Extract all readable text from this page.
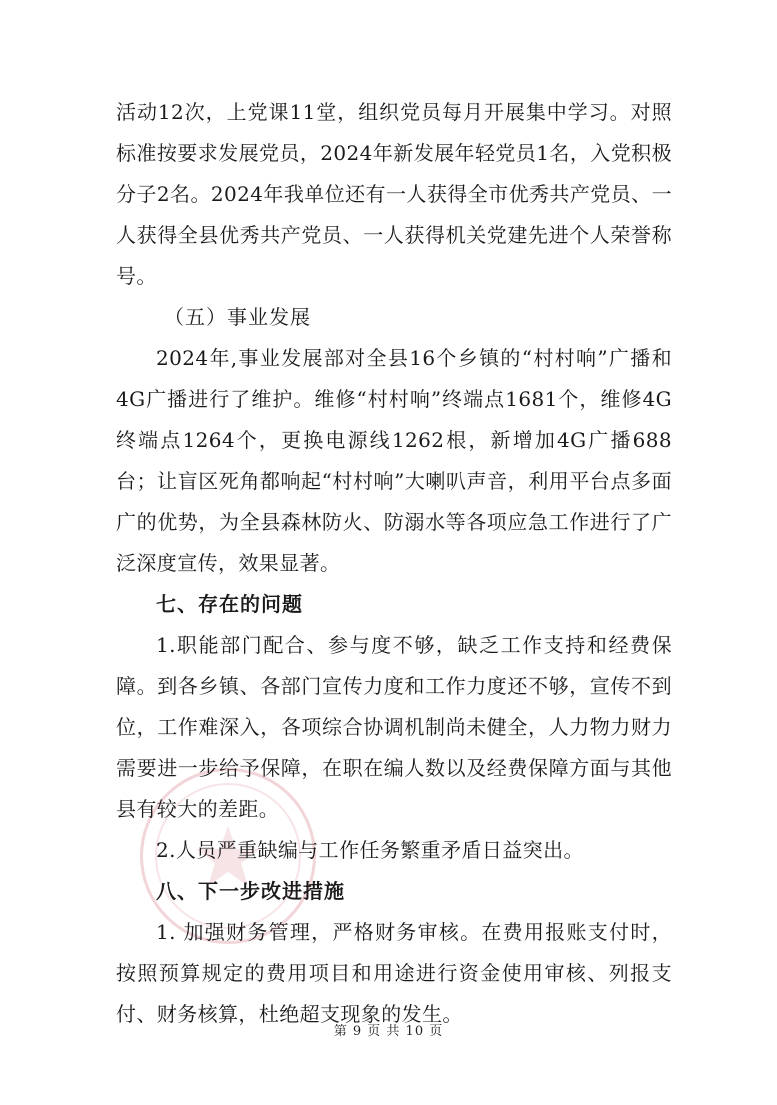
活动12次，上党课11堂，组织党员每月开展集中学习。对照标准按要求发展党员，2024年新发展年轻党员1名，入党积极分子2名。2024年我单位还有一人获得全市优秀共产党员、一人获得全县优秀共产党员、一人获得机关党建先进个人荣誉称号。

（五）事业发展

2024年,事业发展部对全县16个乡镇的“村村响”广播和4G广播进行了维护。维修“村村响”终端点1681个，维修4G终端点1264个，更换电源线1262根，新增加4G广播688台；让盲区死角都响起“村村响”大喇叭声音，利用平台点多面广的优势，为全县森林防火、防溺水等各项应急工作进行了广泛深度宣传，效果显著。

七、存在的问题

1.职能部门配合、参与度不够，缺乏工作支持和经费保障。到各乡镇、各部门宣传力度和工作力度还不够，宣传不到位，工作难深入，各项综合协调机制尚未健全，人力物力财力需要进一步给予保障，在职在编人数以及经费保障方面与其他县有较大的差距。

2.人员严重缺编与工作任务繁重矛盾日益突出。

八、下一步改进措施

1. 加强财务管理，严格财务审核。在费用报账支付时，按照预算规定的费用项目和用途进行资金使用审核、列报支付、财务核算，杜绝超支现象的发生。

第 9 页 共 10 页
